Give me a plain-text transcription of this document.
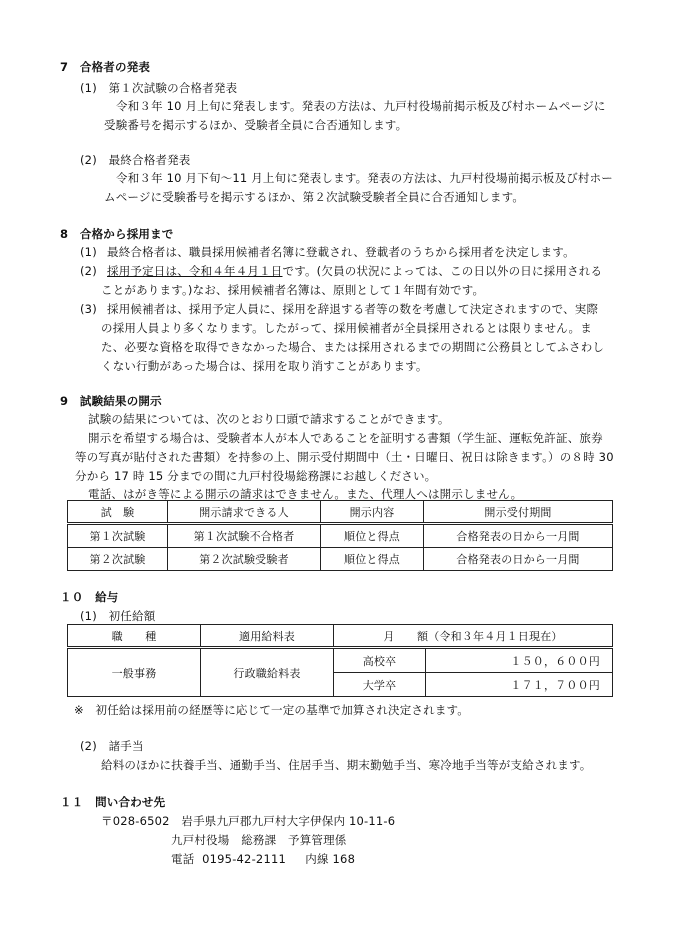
7　合格者の発表
(1)　第１次試験の合格者発表
令和３年 10 月上旬に発表します。発表の方法は、九戸村役場前掲示板及び村ホームページに
受験番号を掲示するほか、受験者全員に合否通知します。
(2)　最終合格者発表
令和３年 10 月下旬～11 月上旬に発表します。発表の方法は、九戸村役場前掲示板及び村ホー
ムページに受験番号を掲示するほか、第２次試験受験者全員に合否通知します。
8　合格から採用まで
(1) 最終合格者は、職員採用候補者名簿に登載され、登載者のうちから採用者を決定します。
(2) 採用予定日は、令和４年４月１日です。(欠員の状況によっては、この日以外の日に採用される
ことがあります。)なお、採用候補者名簿は、原則として１年間有効です。
(3) 採用候補者は、採用予定人員に、採用を辞退する者等の数を考慮して決定されますので、実際
の採用人員より多くなります。したがって、採用候補者が全員採用されるとは限りません。ま
た、必要な資格を取得できなかった場合、または採用されるまでの期間に公務員としてふさわし
くない行動があった場合は、採用を取り消すことがあります。
9　試験結果の開示
試験の結果については、次のとおり口頭で請求することができます。
開示を希望する場合は、受験者本人が本人であることを証明する書類（学生証、運転免許証、旅券
等の写真が貼付された書類）を持参の上、開示受付期間中（土・日曜日、祝日は除きます。）の８時 30
分から 17 時 15 分までの間に九戸村役場総務課にお越しください。
電話、はがき等による開示の請求はできません。また、代理人へは開示しません。
試　験	開示請求できる人	開示内容	開示受付期間
第１次試験	第１次試験不合格者	順位と得点	合格発表の日から一月間
第２次試験	第２次試験受験者	順位と得点	合格発表の日から一月間
１０　給与
(1)　初任給額
職　　種	適用給料表	月　　額（令和３年４月１日現在）	
一般事務	行政職給料表	高校卒	１５０，６００円
		大学卒	１７１，７００円
※　初任給は採用前の経歴等に応じて一定の基準で加算され決定されます。
(2)　諸手当
給料のほかに扶養手当、通勤手当、住居手当、期末勤勉手当、寒冷地手当等が支給されます。
１１　問い合わせ先
〒028-6502　岩手県九戸郡九戸村大字伊保内 10-11-6
九戸村役場　総務課　予算管理係
電話 0195-42-2111 内線 168
